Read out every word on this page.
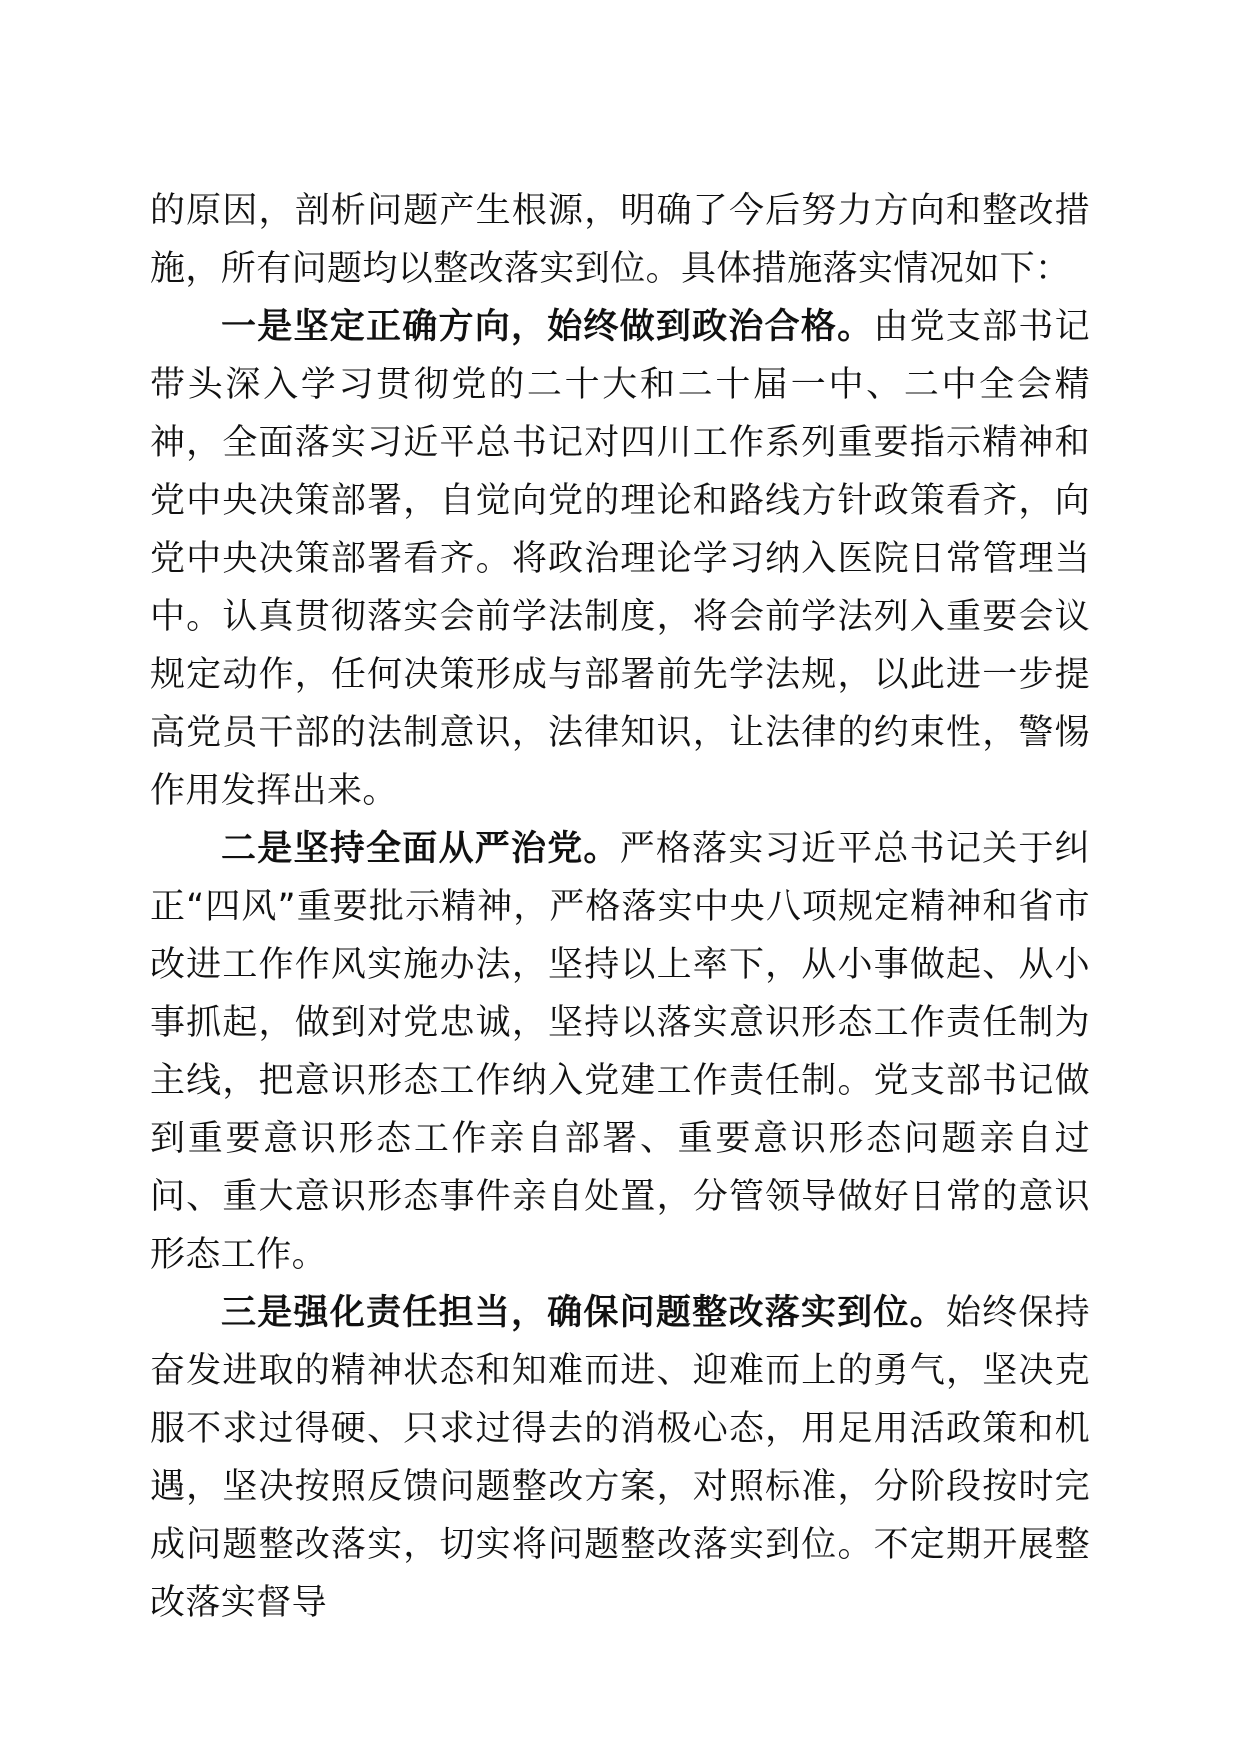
的原因，剖析问题产生根源，明确了今后努力方向和整改措施，所有问题均以整改落实到位。具体措施落实情况如下：

一是坚定正确方向，始终做到政治合格。由党支部书记带头深入学习贯彻党的二十大和二十届一中、二中全会精神，全面落实习近平总书记对四川工作系列重要指示精神和党中央决策部署，自觉向党的理论和路线方针政策看齐，向党中央决策部署看齐。将政治理论学习纳入医院日常管理当中。认真贯彻落实会前学法制度，将会前学法列入重要会议规定动作，任何决策形成与部署前先学法规，以此进一步提高党员干部的法制意识，法律知识，让法律的约束性，警惕作用发挥出来。

二是坚持全面从严治党。严格落实习近平总书记关于纠正“四风”重要批示精神，严格落实中央八项规定精神和省市改进工作作风实施办法，坚持以上率下，从小事做起、从小事抓起，做到对党忠诚，坚持以落实意识形态工作责任制为主线，把意识形态工作纳入党建工作责任制。党支部书记做到重要意识形态工作亲自部署、重要意识形态问题亲自过问、重大意识形态事件亲自处置，分管领导做好日常的意识形态工作。

三是强化责任担当，确保问题整改落实到位。始终保持奋发进取的精神状态和知难而进、迎难而上的勇气，坚决克服不求过得硬、只求过得去的消极心态，用足用活政策和机遇，坚决按照反馈问题整改方案，对照标准，分阶段按时完成问题整改落实，切实将问题整改落实到位。不定期开展整改落实督导
